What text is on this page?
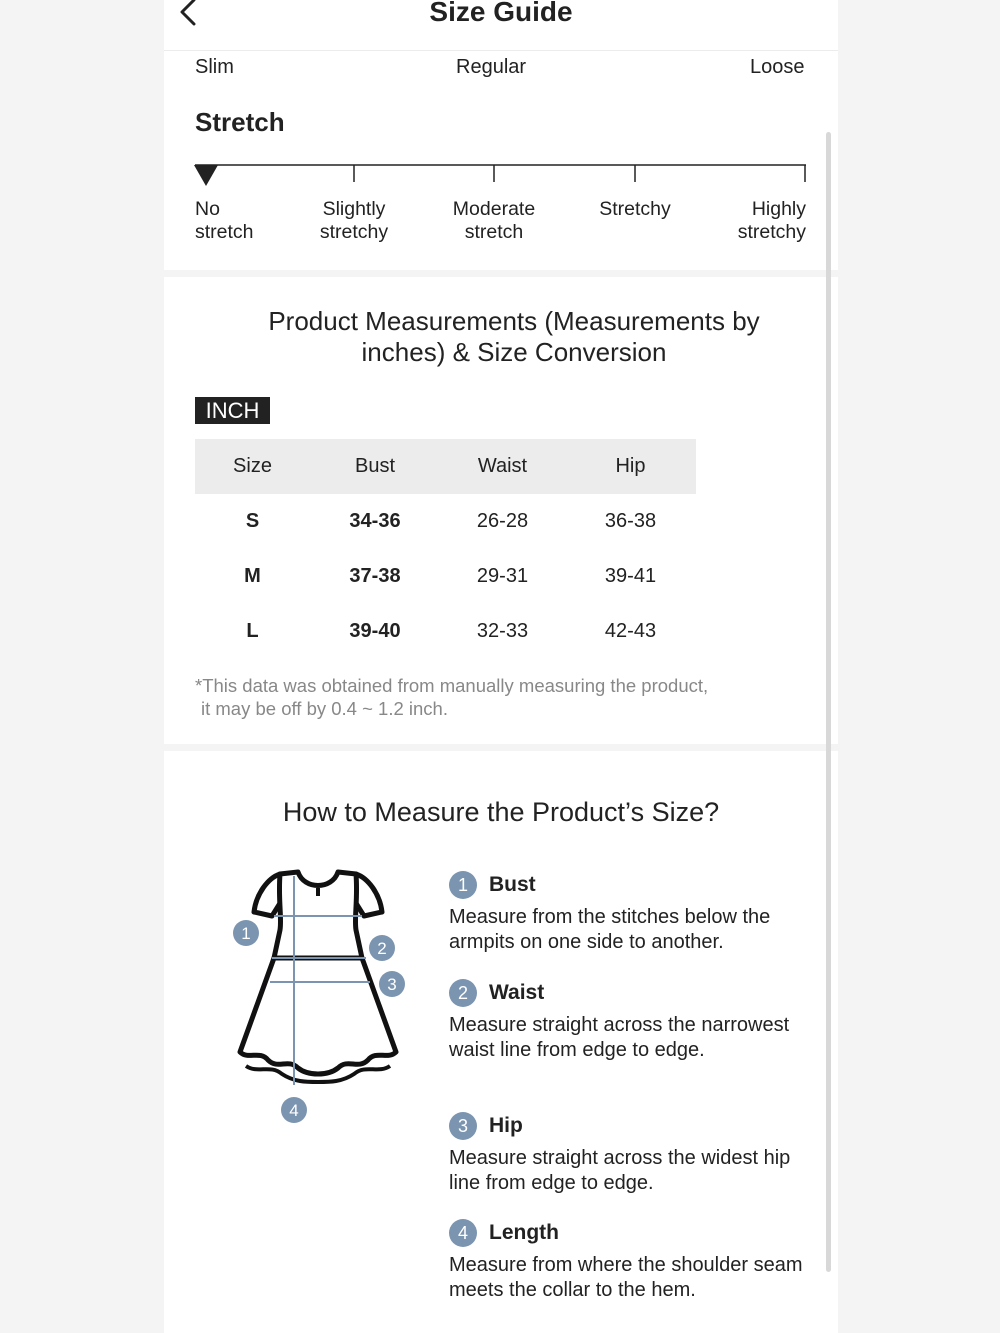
Size Guide
Slim	Regular	Loose
Stretch
No
stretch
Slightly
stretchy
Moderate
stretch
Stretchy	Highly
stretchy
Product Measurements (Measurements by
inches) & Size Conversion
INCH
Size	Bust	Waist	Hip
S	34-36	26-28	36-38
M	37-38	29-31	39-41
L	39-40	32-33	42-43
*This data was obtained from manually measuring the product,
it may be off by 0.4 ~ 1.2 inch.
How to Measure the Product’s Size?
1
2
3
4
1	Bust
Measure from the stitches below the armpits on one side to another.
2	Waist
Measure straight across the narrowest waist line from edge to edge.
3	Hip
Measure straight across the widest hip line from edge to edge.
4	Length
Measure from where the shoulder seam meets the collar to the hem.
